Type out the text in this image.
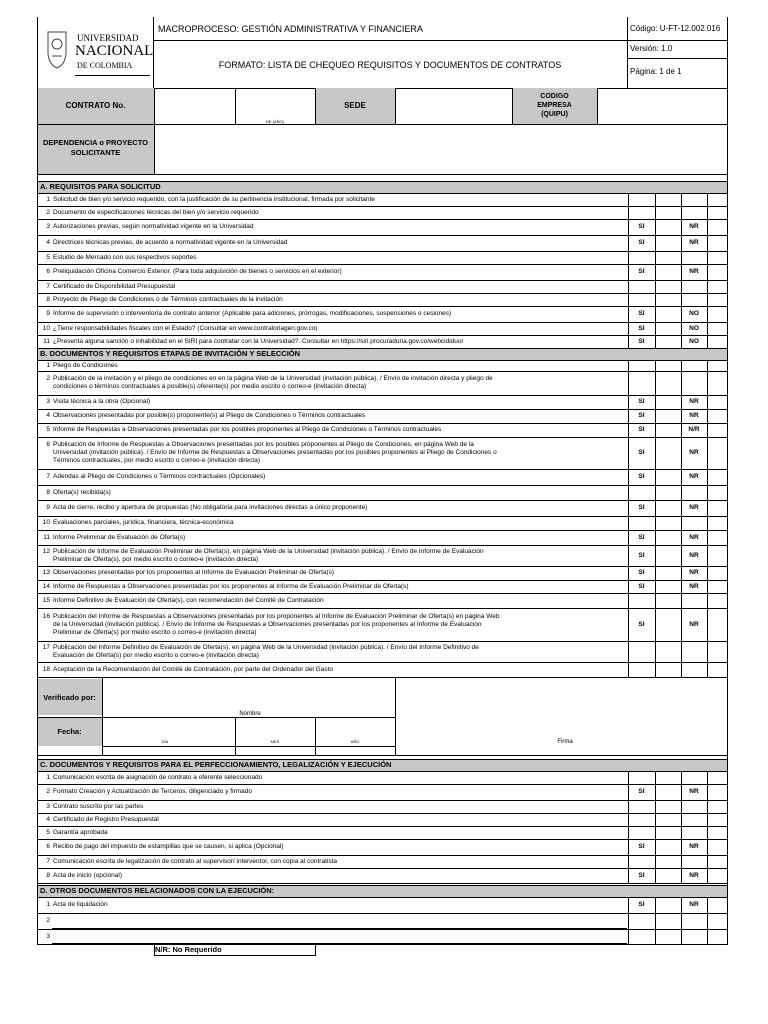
UNIVERSIDAD
NACIONAL
DE COLOMBIA
MACROPROCESO: GESTIÓN ADMINISTRATIVA Y FINANCIERA
FORMATO: LISTA DE CHEQUEO REQUISITOS Y DOCUMENTOS DE CONTRATOS
Código: U-FT-12.002.016
Versión: 1.0
Página: 1 de 1
CONTRATO No.
DE (AÑO)
SEDE
CODIGO
EMPRESA
(QUIPU)
DEPENDENCIA o PROYECTO
SOLICITANTE
A. REQUISITOS PARA SOLICITUD
1 Solicitud de bien y/o servicio requerido, con la justificación de su pertinencia institucional, firmada por solicitante
2 Documento de especificaciones técnicas del bien y/o servicio requerido
3 Autorizaciones previas, según normatividad vigente en la Universidad	SI	NR
4 Directrices técnicas previas, de acuerdo a normatividad vigente en la Universidad	SI	NR
5 Estudio de Mercado con sus respectivos soportes
6 Preliquidación Oficina Comercio Exterior. (Para toda adquisición de bienes o servicios en el exterior)	SI	NR
7 Certificado de Disponibilidad Presupuestal
8 Proyecto de Pliego de Condiciones o de Términos contractuales de la invitación
9 Informe de supervisión o interventoría de contrato anterior (Aplicable para adiciones, prórrogas, modificaciones, suspensiones o cesiones)	SI	NO
10 ¿Tiene responsabilidades fiscales con el Estado? (Consultar en www.contraloriagen.gov.co)	SI	NO
11 ¿Presenta alguna sanción o inhabilidad en el SIRI para contratar con la Universidad?. Consultar en https://siri.procuraduria.gov.co/webcididuo/	SI	NO
B. DOCUMENTOS Y REQUISITOS ETAPAS DE INVITACIÓN Y SELECCIÓN
1 Pliego de Condiciones
2 Publicación de la invitación y el pliego de condiciones en en la página Web de la Universidad (invitación pública). / Envío de invitación directa y pliego de
condiciones o términos contractuales a posible(s) oferente(s) por medio escrito o correo-e (invitación directa)
3 Visita técnica a la obra (Opcional)	SI	NR
4 Observaciones presentadas por posible(s) proponente(s) al Pliego de Condiciones o Términos contractuales	SI	NR
5 Informe de Respuestas a Observaciones presentadas por los posibles proponentes al Pliego de Condiciones o Términos contractuales	SI	N/R
6 Publicación de Informe de Respuestas a Observaciones presentadas por los posibles proponentes al Pliego de Condiciones, en página Web de la
Universidad (invitación pública). / Envío de Informe de Respuestas a Observaciones presentadas por los posibles proponentes al Pliego de Condiciones o
Términos contractuales, por medio escrito o correo-e (invitación directa)
SI	NR
7 Adendas al Pliego de Condiciones o Términos contractuales (Opcionales)	SI	NR
8 Oferta(s) recibida(s)
9 Acta de cierre, recibo y apertura de propuestas (No obligatoria para invitaciones directas a único proponente)	SI	NR
10 Evaluaciones parciales, jurídica, financiera, técnica-económica
11 Informe Preliminar de Evaluación de Oferta(s)	SI	NR
12 Publicación de Informe de Evaluación Preliminar de Oferta(s), en página Web de la Universidad (invitación pública). / Envío de Informe de Evaluación
Preliminar de Oferta(s), por medio escrito o correo-e (invitación directa)
SI	NR
13 Observaciones presentadas por los proponentes al Informe de Evaluación Preliminar de Oferta(s)	SI	NR
14 Informe de Respuestas a Observaciones presentadas por los proponentes al Informe de Evaluación Preliminar de Oferta(s)	SI	NR
15 Informe Definitivo de Evaluación de Oferta(s), con recomendación del Comité de Contratación
16 Publicación del Informe de Respuestas a Observaciones presentadas por los proponentes al Informe de Evaluación Preliminar de Oferta(s) en página Web
de la Universidad (invitación pública). / Envío de Informe de Respuestas a Observaciones presentadas por los proponentes al Informe de Evaluación
Preliminar de Oferta(s) por medio escrito o correo-e (invitación directa)
SI	NR
17 Publicación del Informe Definitivo de Evaluación de Oferta(s), en página Web de la Universidad (invitación pública). / Envío del Informe Definitivo de
Evaluación de Oferta(s) por medio escrito o correo-e (invitación directa)
18 Aceptación de la Recomendación del Comité de Contratación, por parte del Ordenador del Gasto
Verificado por:
Nombre
Fecha:
DÍA	MES	AÑO	Firma
C. DOCUMENTOS Y REQUISITOS PARA EL PERFECCIONAMIENTO, LEGALIZACIÓN Y EJECUCIÓN
1 Comunicación escrita de asignación de contrato a oferente seleccionado
2 Formato Creación y Actualización de Terceros, diligenciado y firmado	SI	NR
3 Contrato suscrito por las partes
4 Certificado de Registro Presupuestal
5 Garantía aprobada
6 Recibo de pago del impuesto de estampillas que se causen, si aplica (Opcional)	SI	NR
7 Comunicación escrita de legalización de contrato al supervisor/ interventor, con copia al contratista
8 Acta de inicio (opcional)	SI	NR
D. OTROS DOCUMENTOS RELACIONADOS CON LA EJECUCIÓN:
1 Acta de liquidación	SI	NR
2
3
N/R: No Requerido
